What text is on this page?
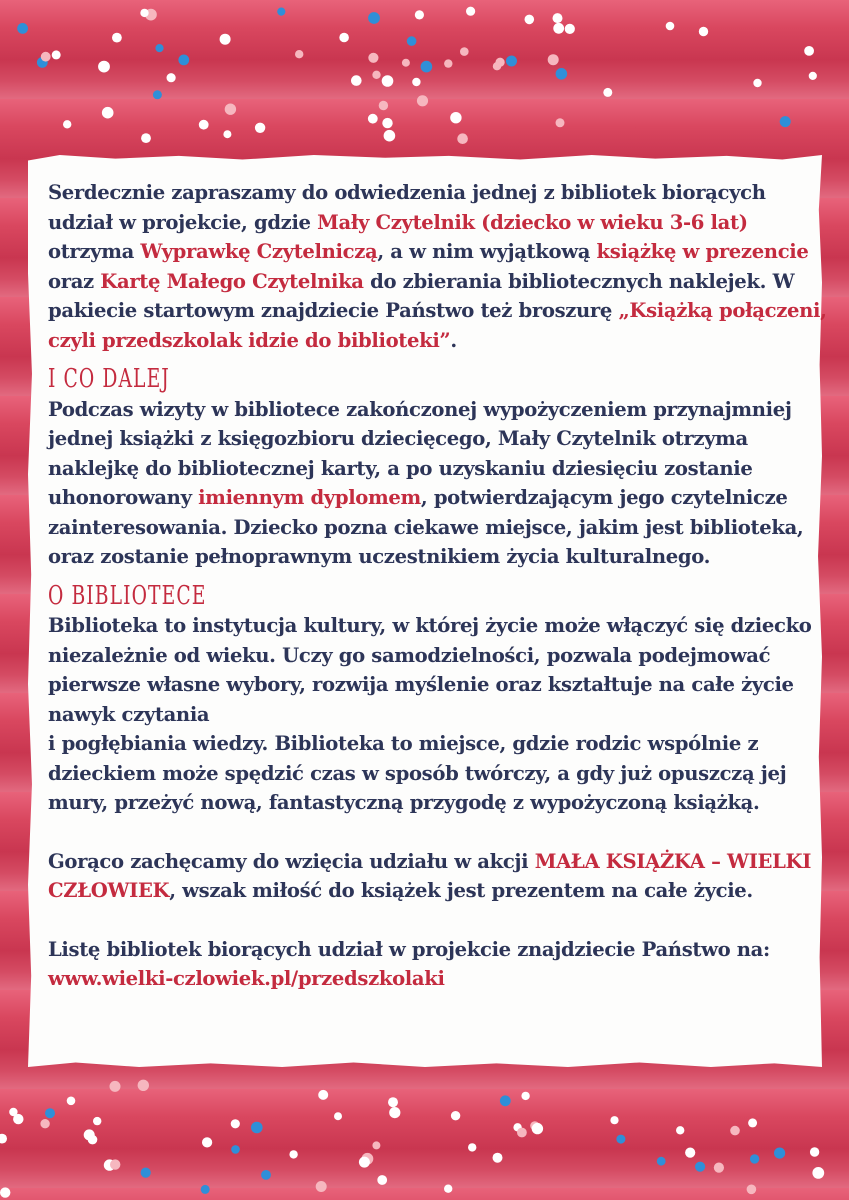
Serdecznie zapraszamy do odwiedzenia jednej z bibliotek biorących udział w projekcie, gdzie Mały Czytelnik (dziecko w wieku 3-6 lat) otrzyma Wyprawkę Czytelniczą, a w nim wyjątkową książkę w prezencie oraz Kartę Małego Czytelnika do zbierania bibliotecznych naklejek. W pakiecie startowym znajdziecie Państwo też broszurę „Książką połączeni, czyli przedszkolak idzie do biblioteki”.

I CO DALEJ

Podczas wizyty w bibliotece zakończonej wypożyczeniem przynajmniej jednej książki z księgozbioru dziecięcego, Mały Czytelnik otrzyma naklejkę do bibliotecznej karty, a po uzyskaniu dziesięciu zostanie uhonorowany imiennym dyplomem, potwierdzającym jego czytelnicze zainteresowania. Dziecko pozna ciekawe miejsce, jakim jest biblioteka, oraz zostanie pełnoprawnym uczestnikiem życia kulturalnego.

O BIBLIOTECE

Biblioteka to instytucja kultury, w której życie może włączyć się dziecko niezależnie od wieku. Uczy go samodzielności, pozwala podejmować pierwsze własne wybory, rozwija myślenie oraz kształtuje na całe życie nawyk czytania

i pogłębiania wiedzy. Biblioteka to miejsce, gdzie rodzic wspólnie z dzieckiem może spędzić czas w sposób twórczy, a gdy już opuszczą jej mury, przeżyć nową, fantastyczną przygodę z wypożyczoną książką.

Gorąco zachęcamy do wzięcia udziału w akcji MAŁA KSIĄŻKA – WIELKI CZŁOWIEK, wszak miłość do książek jest prezentem na całe życie.

Listę bibliotek biorących udział w projekcie znajdziecie Państwo na:

www.wielki-czlowiek.pl/przedszkolaki
